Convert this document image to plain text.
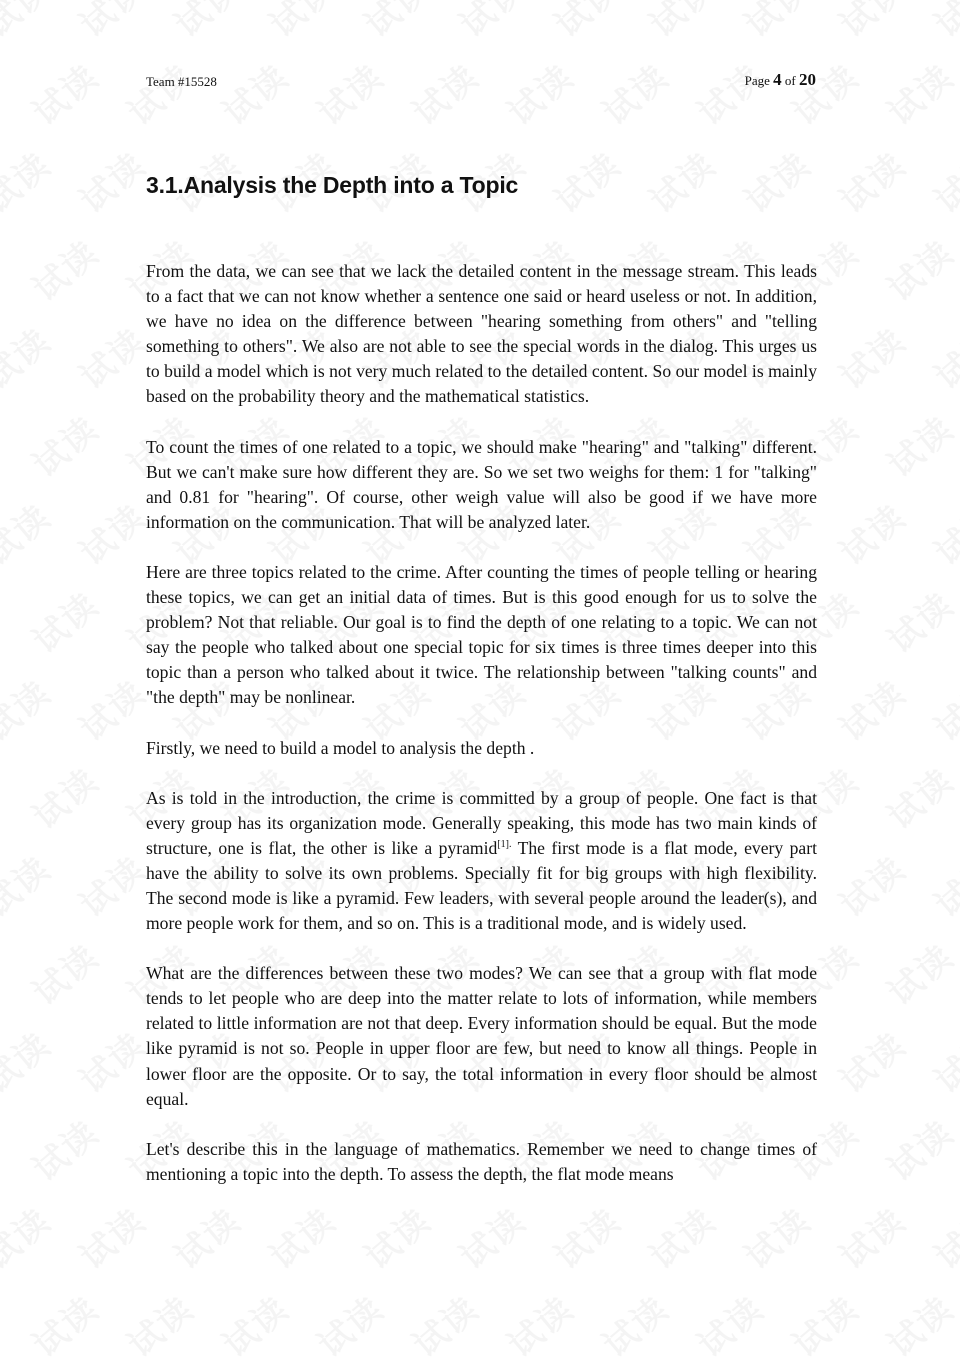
Team #15528	Page 4 of 20
3.1.Analysis the Depth into a Topic

From the data, we can see that we lack the detailed content in the message stream. This leads to a fact that we can not know whether a sentence one said or heard useless or not. In addition, we have no idea on the difference between "hearing something from others" and "telling something to others". We also are not able to see the special words in the dialog. This urges us to build a model which is not very much related to the detailed content. So our model is mainly based on the probability theory and the mathematical statistics.

To count the times of one related to a topic, we should make "hearing" and "talking" different. But we can't make sure how different they are. So we set two weighs for them: 1 for "talking" and 0.81 for "hearing". Of course, other weigh value will also be good if we have more information on the communication. That will be analyzed later.

Here are three topics related to the crime. After counting the times of people telling or hearing these topics, we can get an initial data of times. But is this good enough for us to solve the problem? Not that reliable. Our goal is to find the depth of one relating to a topic. We can not say the people who talked about one special topic for six times is three times deeper into this topic than a person who talked about it twice. The relationship between "talking counts" and "the depth" may be nonlinear.

Firstly, we need to build a model to analysis the depth .

As is told in the introduction, the crime is committed by a group of people. One fact is that every group has its organization mode. Generally speaking, this mode has two main kinds of structure, one is flat, the other is like a pyramid$^{[1].}$ The first mode is a flat mode, every part have the ability to solve its own problems. Specially fit for big groups with high flexibility. The second mode is like a pyramid. Few leaders, with several people around the leader(s), and more people work for them, and so on. This is a traditional mode, and is widely used.

What are the differences between these two modes? We can see that a group with flat mode tends to let people who are deep into the matter relate to lots of information, while members related to little information are not that deep. Every information should be equal. But the mode like pyramid is not so. People in upper floor are few, but need to know all things. People in lower floor are the opposite. Or to say, the total information in every floor should be almost equal.

Let's describe this in the language of mathematics. Remember we need to change times of mentioning a topic into the depth. To assess the depth, the flat mode means
